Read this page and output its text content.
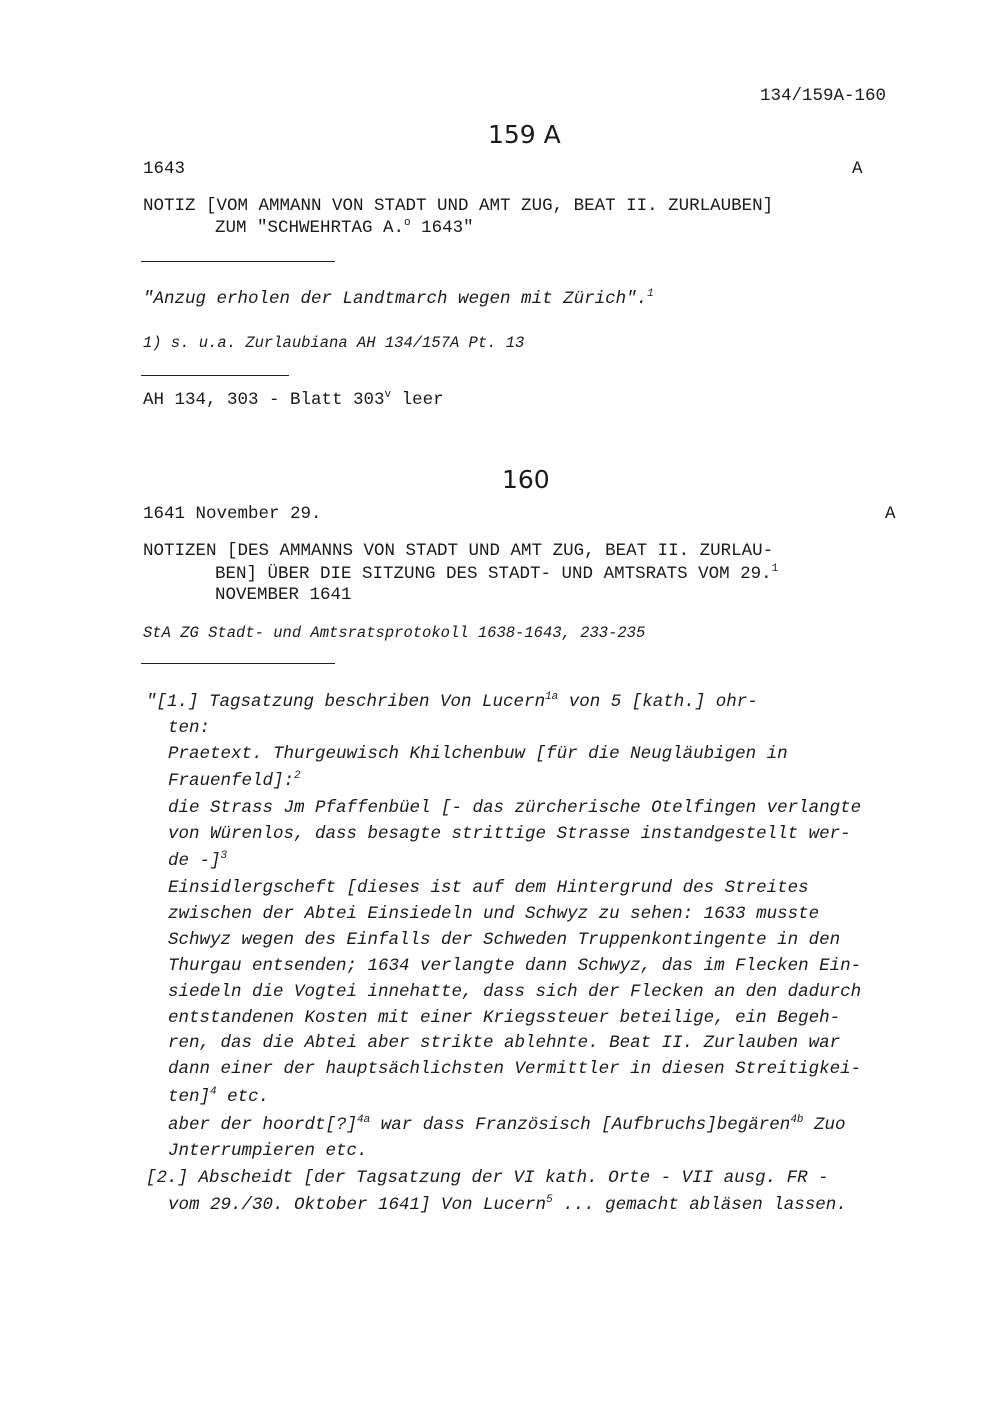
134/159A-160
159 A
1643	A
NOTIZ [VOM AMMANN VON STADT UND AMT ZUG, BEAT II. ZURLAUBEN]
ZUM "SCHWEHRTAG A.$^o$ 1643"
"Anzug erholen der Landtmarch wegen mit Zürich".$^1$
1) s. u.a. Zurlaubiana AH 134/157A Pt. 13
AH 134, 303 - Blatt 303$^v$ leer
160
1641 November 29.	A
NOTIZEN [DES AMMANNS VON STADT UND AMT ZUG, BEAT II. ZURLAU-
BEN] ÜBER DIE SITZUNG DES STADT- UND AMTSRATS VOM 29.$^1$
NOVEMBER 1641
StA ZG Stadt- und Amtsratsprotokoll 1638-1643, 233-235
"[1.] Tagsatzung beschriben Von Lucern$^{1a}$ von 5 [kath.] ohr-
ten:
Praetext. Thurgeuwisch Khilchenbuw [für die Neugläubigen in
Frauenfeld]:$^2$
die Strass Jm Pfaffenbüel [- das zürcherische Otelfingen verlangte
von Würenlos, dass besagte strittige Strasse instandgestellt wer-
de -]$^3$
Einsidlergscheft [dieses ist auf dem Hintergrund des Streites
zwischen der Abtei Einsiedeln und Schwyz zu sehen: 1633 musste
Schwyz wegen des Einfalls der Schweden Truppenkontingente in den
Thurgau entsenden; 1634 verlangte dann Schwyz, das im Flecken Ein-
siedeln die Vogtei innehatte, dass sich der Flecken an den dadurch
entstandenen Kosten mit einer Kriegssteuer beteilige, ein Begeh-
ren, das die Abtei aber strikte ablehnte. Beat II. Zurlauben war
dann einer der hauptsächlichsten Vermittler in diesen Streitigkei-
ten]$^4$ etc.
aber der hoordt[?]$^{4a}$ war dass Französisch [Aufbruchs]begären$^{4b}$ Zuo
Jnterrumpieren etc.
[2.] Abscheidt [der Tagsatzung der VI kath. Orte - VII ausg. FR -
vom 29./30. Oktober 1641] Von Lucern$^5$ ... gemacht abläsen lassen.
